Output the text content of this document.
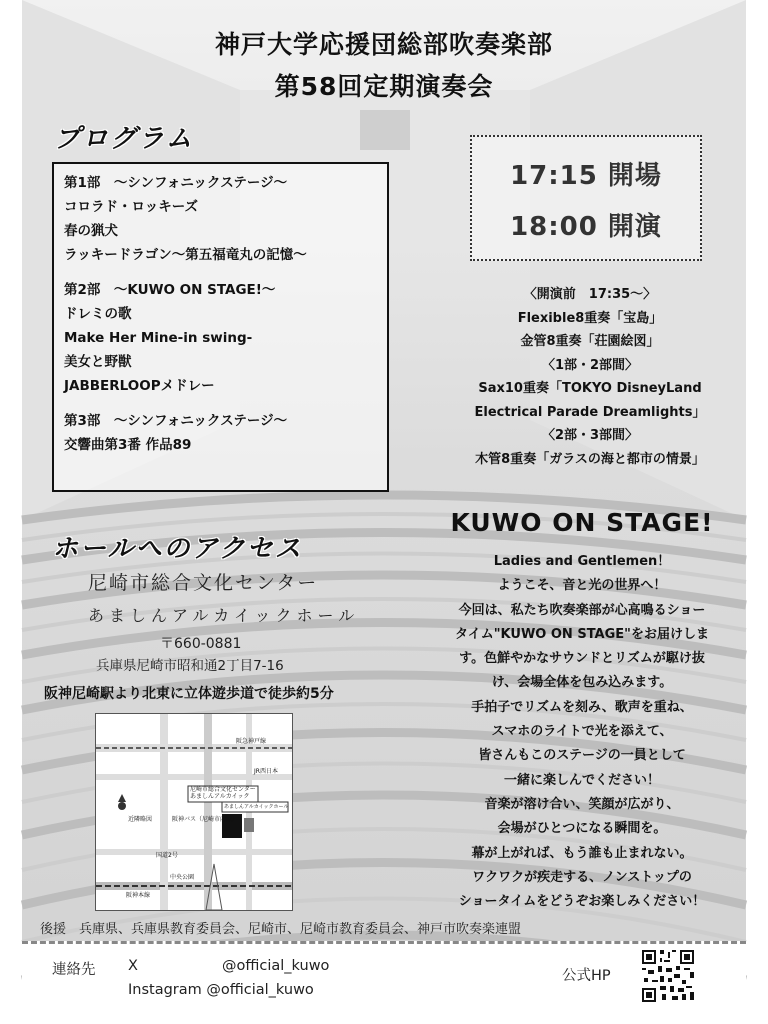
神戸大学応援団総部吹奏楽部
第58回定期演奏会
プログラム
第1部　～シンフォニックステージ～
コロラド・ロッキーズ
春の猟犬
ラッキードラゴン～第五福竜丸の記憶～
第2部　～KUWO ON STAGE!～
ドレミの歌
Make Her Mine-in swing-
美女と野獣
JABBERLOOPメドレー
第3部　～シンフォニックステージ～
交響曲第3番 作品89
17:15 開場
18:00 開演
〈開演前　17:35～〉
Flexible8重奏「宝島」
金管8重奏「荘園絵図」
〈1部・2部間〉
Sax10重奏「TOKYO DisneyLand
Electrical Parade Dreamlights」
〈2部・3部間〉
木管8重奏「ガラスの海と都市の情景」
ホールへのアクセス
尼崎市総合文化センター
あましんアルカイックホール
〒660-0881
兵庫県尼崎市昭和通2丁目7-16
阪神尼崎駅より北東に立体遊歩道で徒歩約5分
尼崎市総合文化センター
あましんアルカイック
あましんアルカイックホール
近隣略図	阪神バス（尼崎市内線）
阪神本線
中央公園
阪急神戸線
国道2号
JR西日本
KUWO ON STAGE!
Ladies and Gentlemen！
ようこそ、音と光の世界へ！
今回は、私たち吹奏楽部が心高鳴るショー
タイム"KUWO ON STAGE"をお届けしま
す。色鮮やかなサウンドとリズムが駆け抜
け、会場全体を包み込みます。
手拍子でリズムを刻み、歌声を重ね、
スマホのライトで光を添えて、
皆さんもこのステージの一員として
一緒に楽しんでください！
音楽が溶け合い、笑顔が広がり、
会場がひとつになる瞬間を。
幕が上がれば、もう誰も止まれない。
ワクワクが疾走する、ノンストップの
ショータイムをどうぞお楽しみください！
後援　兵庫県、兵庫県教育委員会、尼崎市、尼崎市教育委員会、神戸市吹奏楽連盟
連絡先 X	@official_kuwo
Instagram @official_kuwo
公式HP
